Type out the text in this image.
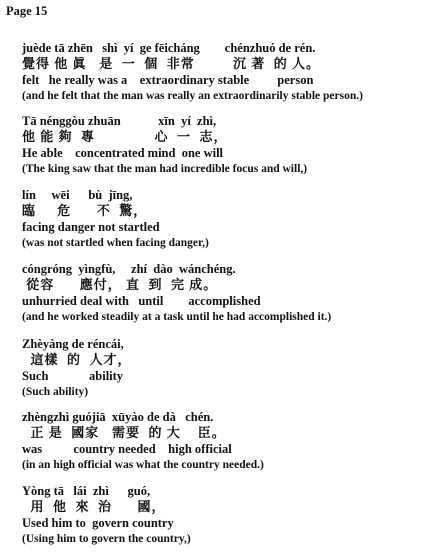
Page 15
juède tā zhēn   shì  yí  ge fēicháng        chénzhuó de rén.
覺得 他 眞   是  一  個  非常         沉 著  的 人。
felt   he really was a    extraordinary stable         person
(and he felt that the man was really an extraordinarily stable person.)
Tā nénggòu zhuān            xīn  yí  zhì,
他 能 夠  專              心  一  志，
He able    concentrated mind  one will
(The king saw that the man had incredible focus and will,)
lín     wēi      bù  jīng,
臨     危      不  驚，
facing danger not startled
(was not startled when facing danger,)
cóngróng  yìngfù,     zhí  dào  wánchéng.
從容      應付， 直  到  完 成。
unhurried deal with   until        accomplished
(and he worked steadily at a task until he had accomplished it.)
Zhèyàng de réncái,
這樣  的  人才，
Such             ability
(Such ability)
zhèngzhì guójiā  xūyào de dà   chén.
正 是  國家   需要  的 大    臣。
was          country needed    high official
(in an high official was what the country needed.)
Yòng tā   lái  zhì      guó,
用  他  來  治      國，
Used him to  govern country
(Using him to govern the country,)
